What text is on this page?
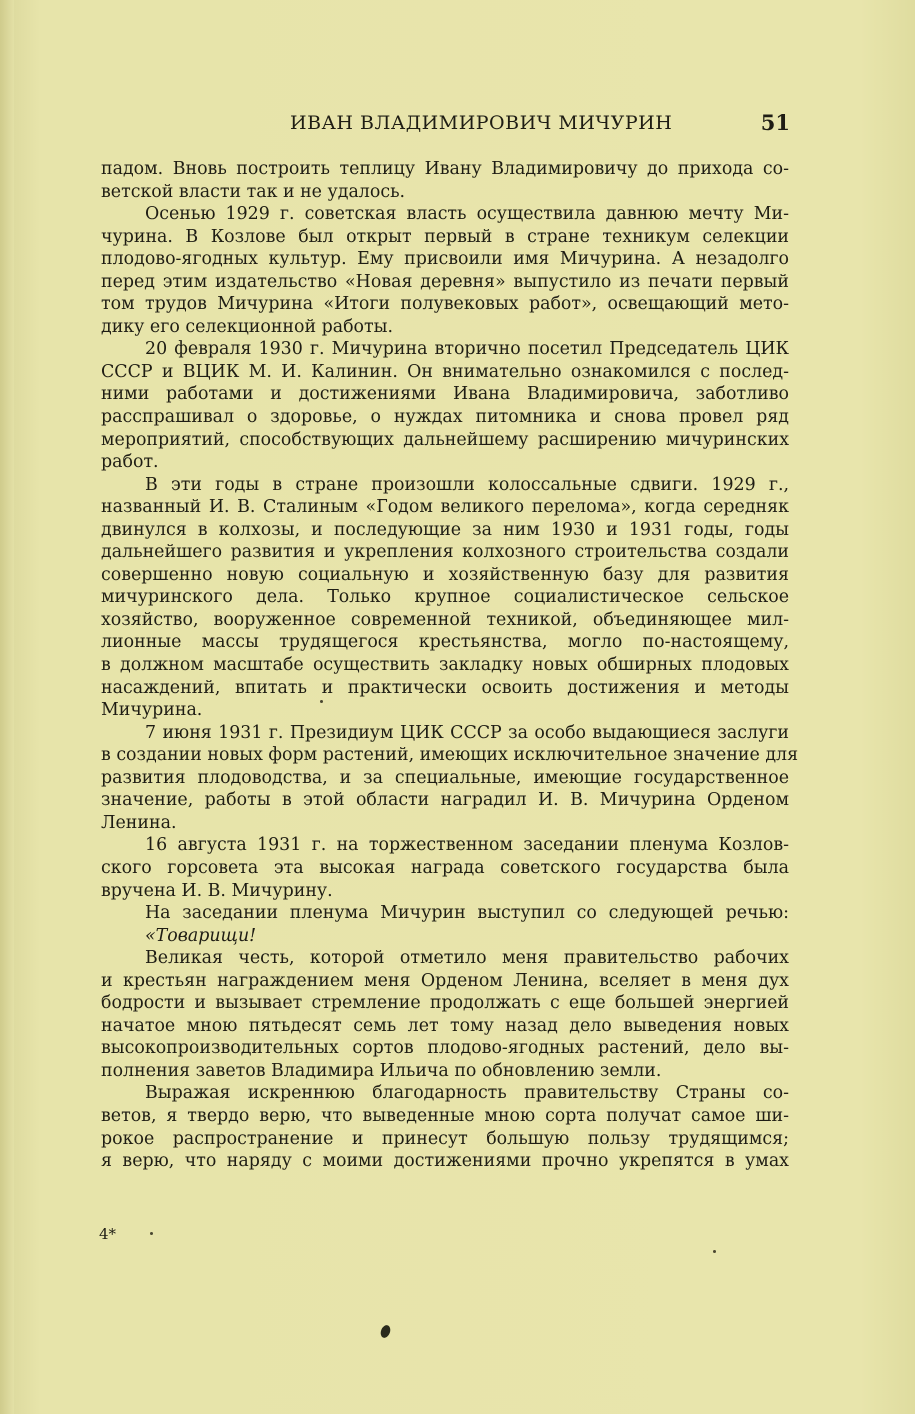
ИВАН ВЛАДИМИРОВИЧ МИЧУРИН	51
падом. Вновь построить теплицу Ивану Владимировичу до прихода со-
ветской власти так и не удалось.
Осенью 1929 г. советская власть осуществила давнюю мечту Ми-
чурина. В Козлове был открыт первый в стране техникум селекции
плодово-ягодных культур. Ему присвоили имя Мичурина. А незадолго
перед этим издательство «Новая деревня» выпустило из печати первый
том трудов Мичурина «Итоги полувековых работ», освещающий мето-
дику его селекционной работы.
20 февраля 1930 г. Мичурина вторично посетил Председатель ЦИК
СССР и ВЦИК М. И. Калинин. Он внимательно ознакомился с послед-
ними работами и достижениями Ивана Владимировича, заботливо
расспрашивал о здоровье, о нуждах питомника и снова провел ряд
мероприятий, способствующих дальнейшему расширению мичуринских
работ.
В эти годы в стране произошли колоссальные сдвиги. 1929 г.,
названный И. В. Сталиным «Годом великого перелома», когда середняк
двинулся в колхозы, и последующие за ним 1930 и 1931 годы, годы
дальнейшего развития и укрепления колхозного строительства создали
совершенно новую социальную и хозяйственную базу для развития
мичуринского дела. Только крупное социалистическое сельское
хозяйство, вооруженное современной техникой, объединяющее мил-
лионные массы трудящегося крестьянства, могло по-настоящему,
в должном масштабе осуществить закладку новых обширных плодовых
насаждений, впитать и практически освоить достижения и методы
Мичурина.
7 июня 1931 г. Президиум ЦИК СССР за особо выдающиеся заслуги
в создании новых форм растений, имеющих исключительное значение для
развития плодоводства, и за специальные, имеющие государственное
значение, работы в этой области наградил И. В. Мичурина Орденом
Ленина.
16 августа 1931 г. на торжественном заседании пленума Козлов-
ского горсовета эта высокая награда советского государства была
вручена И. В. Мичурину.
На заседании пленума Мичурин выступил со следующей речью:
«Товарищи!
Великая честь, которой отметило меня правительство рабочих
и крестьян награждением меня Орденом Ленина, вселяет в меня дух
бодрости и вызывает стремление продолжать с еще большей энергией
начатое мною пятьдесят семь лет тому назад дело выведения новых
высокопроизводительных сортов плодово-ягодных растений, дело вы-
полнения заветов Владимира Ильича по обновлению земли.
Выражая искреннюю благодарность правительству Страны со-
ветов, я твердо верю, что выведенные мною сорта получат самое ши-
рокое распространение и принесут большую пользу трудящимся;
я верю, что наряду с моими достижениями прочно укрепятся в умах
4*
